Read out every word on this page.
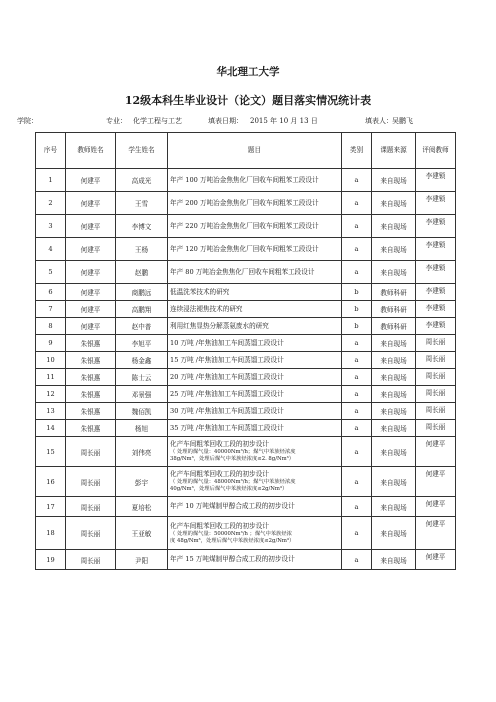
华北理工大学
12级本科生毕业设计（论文）题目落实情况统计表
学院：	专业： 化学工程与工艺	填表日期： 2015 年 10 月 13 日	填表人： 吴鹏飞
序号	教师姓名	学生姓名	题目	类别	课题来源	评阅教师
1	何建平	高成光	年产 100 万吨冶金焦焦化厂回收车间粗苯工段设计	a	来自现场	李建锁
2	何建平	王雪	年产 200 万吨冶金焦焦化厂回收车间粗苯工段设计	a	来自现场	李建锁
3	何建平	李博文	年产 220 万吨冶金焦焦化厂回收车间粗苯工段设计	a	来自现场	李建锁
4	何建平	王杨	年产 120 万吨冶金焦焦化厂回收车间粗苯工段设计	a	来自现场	李建锁
5	何建平	赵鹏	年产 80 万吨冶金焦焦化厂回收车间粗苯工段设计	a	来自现场	李建锁
6	何建平	商鹏远	低温洗苯技术的研究	b	教师科研	李建锁
7	何建平	高鹏翔	连续浸法褪焦技术的研究	b	教师科研	李建锁
8	何建平	赵中普	利用红焦显热分解蒸氨废水的研究	b	教师科研	李建锁
9	朱银惠	李旭平	10 万吨 /年焦油加工车间蒸馏工段设计	a	来自现场	周长丽
10	朱银惠	杨金鑫	15 万吨 /年焦油加工车间蒸馏工段设计	a	来自现场	周长丽
11	朱银惠	陈士云	20 万吨 /年焦油加工车间蒸馏工段设计	a	来自现场	周长丽
12	朱银惠	邓景强	25 万吨 /年焦油加工车间蒸馏工段设计	a	来自现场	周长丽
13	朱银惠	魏佰凯	30 万吨 /年焦油加工车间蒸馏工段设计	a	来自现场	周长丽
14	朱银惠	杨旭	35 万吨 /年焦油加工车间蒸馏工段设计	a	来自现场	周长丽
15	周长丽	刘伟亮	化产车间粗苯回收工段的初步设计
（ 处理的煤气量：40000Nm³/h；煤气中苯族烃浓度
38g/Nm³，处理后煤气中苯族烃浓度≤2. 8g/Nm³）	a	来自现场	何建平
16	周长丽	彭宇	化产车间粗苯回收工段的初步设计
（ 处理的煤气量：48000Nm³/h；煤气中苯族烃浓度
40g/Nm³，处理后煤气中苯族烃浓度≤2g/Nm³）	a	来自现场	何建平
17	周长丽	夏培松	年产 10 万吨煤制甲醇合成工段的初步设计	a	来自现场	何建平
18	周长丽	王亚敏	化产车间粗苯回收工段的初步设计
（ 处理的煤气量：50000Nm³/h ；煤气中苯族烃浓
度 48g/Nm³，处理后煤气中苯族烃浓度≤2g/Nm³）	a	来自现场	何建平
19	周长丽	尹阳	年产 15 万吨煤制甲醇合成工段的初步设计	a	来自现场	何建平
